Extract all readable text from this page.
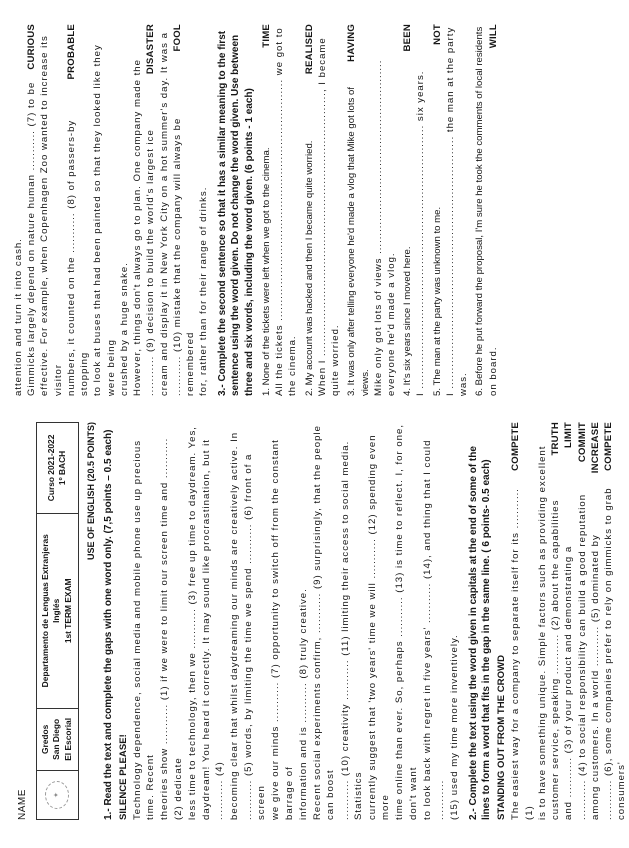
NAME	✦

Gredos San Diego El Escorial

Departamento de Lenguas Extranjeras Inglés 1st TERM EXAM

Curso 2021-2022 1º BACH USE OF ENGLISH (20.5 POINTS) 1.- Read the text and complete the gaps with one word only. (7,5 points – 0.5 each) SILENCE PLEASE! Technology dependence, social media and mobile phone use up precious time. Recent theories show ........... (1) if we were to limit our screen time and ........... (2) dedicate less time to technology, then we ........... (3) free up time to daydream. Yes, daydream! You heard it correctly. It may sound like procrastination, but it ........... (4) becoming clear that whilst daydreaming our minds are creatively active. In ........... (5) words, by limiting the time we spend ........... (6) front of a screen we give our minds ........... (7) opportunity to switch off from the constant barrage of information and is ........... (8) truly creative. Recent social experiments confirm, ........... (9) surprisingly, that the people can boost ........... (10) creativity ........... (11) limiting their access to social media. Statistics currently suggest that 'two years' time we will ........... (12) spending even more time online than ever. So, perhaps ........... (13) is time to reflect. I, for one, don't want to look back with regret in five years' ........... (14), and thing that I could ........... (15) used my time more inventively. 2.- Complete the text using the word given in capitals at the end of some of the lines to form a word that fits in the gap in the same line. ( 6 points- 0.5 each) STANDING OUT FROM THE CROWD The easiest way for a company to separate itself for its ........... (1)
COMPETE is to have something unique. Simple factors such as providing excellent customer service, speaking ........... (2) about the capabilities
TRUTH
and ........... (3) of your product and demonstrating a
LIMIT
........... (4) to social responsibility can build a good reputation
COMMIT
among customers. In a world ........... (5) dominated by
INCREASE
........... (6), some companies prefer to rely on gimmicks to grab consumers'
COMPETE
attention and turn it into cash. Gimmicks largely depend on nature human ........... (7) to be
CURIOUS effective. For example, when Copenhagen Zoo wanted to increase its visitor numbers, it counted on the ........... (8) of passers-by stopping
PROBABLE to look at buses that had been painted so that they looked like they were being crushed by a huge snake. However, things don't always go to plan. One company made the ........... (9) decision to build the world's largest ice
DISASTER cream and display it in New York City on a hot summer's day. It was a ........... (10) mistake that the company will always be remembered
FOOL
for, rather than for their range of drinks. 3.- Complete the second sentence so that it has a similar meaning to the first sentence using the word given. Do not change the word given. Use between three and six words, including the word given. (6 points - 1 each) 1. None of the tickets were left when we got to the cinema.
TIME All the tickets .................................................................. we got to the cinema. 2. My account was hacked and then I became quite worried.
REALISED When I ........................................................................, I became quite worried. 3. It was only after telling everyone he'd made a vlog that Mike got lots of views.
HAVING
Mike only got lots of views ..................................................... everyone he'd made a vlog. 4. It's six years since I moved here.
BEEN
I ........................................................................ six years. 5. The man at the party was unknown to me.
NOT I ..................................................................... the man at the party was. 6. Before he put forward the proposal, I'm sure he took the comments of local residents on board.
WILL
